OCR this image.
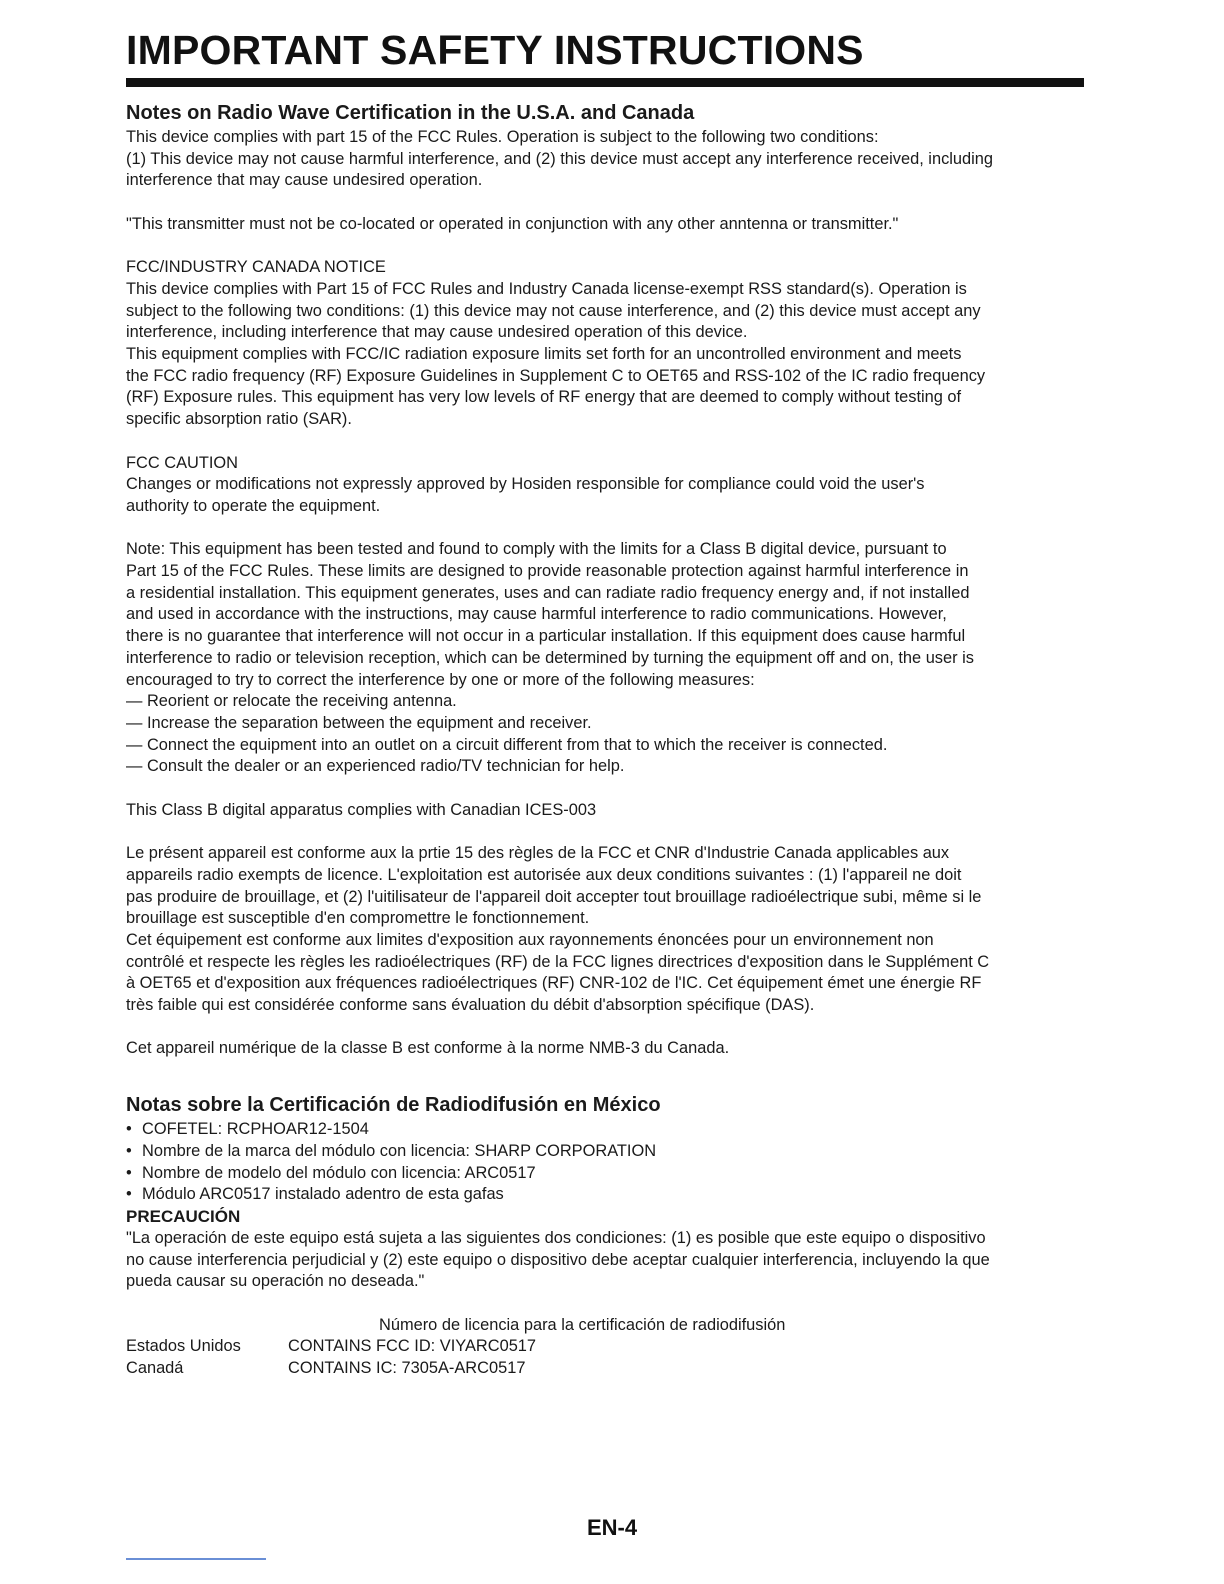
IMPORTANT SAFETY INSTRUCTIONS
Notes on Radio Wave Certification in the U.S.A. and Canada

This device complies with part 15 of the FCC Rules. Operation is subject to the following two conditions:

(1) This device may not cause harmful interference, and (2) this device must accept any interference received, including

interference that may cause undesired operation.

"This transmitter must not be co-located or operated in conjunction with any other anntenna or transmitter."

FCC/INDUSTRY CANADA NOTICE

This device complies with Part 15 of FCC Rules and Industry Canada license-exempt RSS standard(s). Operation is

subject to the following two conditions: (1) this device may not cause interference, and (2) this device must accept any

interference, including interference that may cause undesired operation of this device.

This equipment complies with FCC/IC radiation exposure limits set forth for an uncontrolled environment and meets

the FCC radio frequency (RF) Exposure Guidelines in Supplement C to OET65 and RSS-102 of the IC radio frequency

(RF) Exposure rules. This equipment has very low levels of RF energy that are deemed to comply without testing of

specific absorption ratio (SAR).

FCC CAUTION

Changes or modifications not expressly approved by Hosiden responsible for compliance could void the user's

authority to operate the equipment.

Note: This equipment has been tested and found to comply with the limits for a Class B digital device, pursuant to

Part 15 of the FCC Rules. These limits are designed to provide reasonable protection against harmful interference in

a residential installation. This equipment generates, uses and can radiate radio frequency energy and, if not installed

and used in accordance with the instructions, may cause harmful interference to radio communications. However,

there is no guarantee that interference will not occur in a particular installation. If this equipment does cause harmful

interference to radio or television reception, which can be determined by turning the equipment off and on, the user is

encouraged to try to correct the interference by one or more of the following measures:

— Reorient or relocate the receiving antenna.

— Increase the separation between the equipment and receiver.

— Connect the equipment into an outlet on a circuit different from that to which the receiver is connected.

— Consult the dealer or an experienced radio/TV technician for help.

This Class B digital apparatus complies with Canadian ICES-003

Le présent appareil est conforme aux la prtie 15 des règles de la FCC et CNR d'Industrie Canada applicables aux

appareils radio exempts de licence. L'exploitation est autorisée aux deux conditions suivantes : (1) l'appareil ne doit

pas produire de brouillage, et (2) l'uitilisateur de l'appareil doit accepter tout brouillage radioélectrique subi, même si le

brouillage est susceptible d'en compromettre le fonctionnement.

Cet équipement est conforme aux limites d'exposition aux rayonnements énoncées pour un environnement non

contrôlé et respecte les règles les radioélectriques (RF) de la FCC lignes directrices d'exposition dans le Supplément C

à OET65 et d'exposition aux fréquences radioélectriques (RF) CNR-102 de l'IC. Cet équipement émet une énergie RF

très faible qui est considérée conforme sans évaluation du débit d'absorption spécifique (DAS).

Cet appareil numérique de la classe B est conforme à la norme NMB-3 du Canada.

Notas sobre la Certificación de Radiodifusión en México
• COFETEL: RCPHOAR12-1504
• Nombre de la marca del módulo con licencia: SHARP CORPORATION
• Nombre de modelo del módulo con licencia: ARC0517
• Módulo ARC0517 instalado adentro de esta gafas

PRECAUCIÓN

"La operación de este equipo está sujeta a las siguientes dos condiciones: (1) es posible que este equipo o dispositivo

no cause interferencia perjudicial y (2) este equipo o dispositivo debe aceptar cualquier interferencia, incluyendo la que

pueda causar su operación no deseada."

Número de licencia para la certificación de radiodifusión

Estados Unidos	CONTAINS FCC ID: VIYARC0517
Canadá	CONTAINS IC: 7305A-ARC0517
EN-4
